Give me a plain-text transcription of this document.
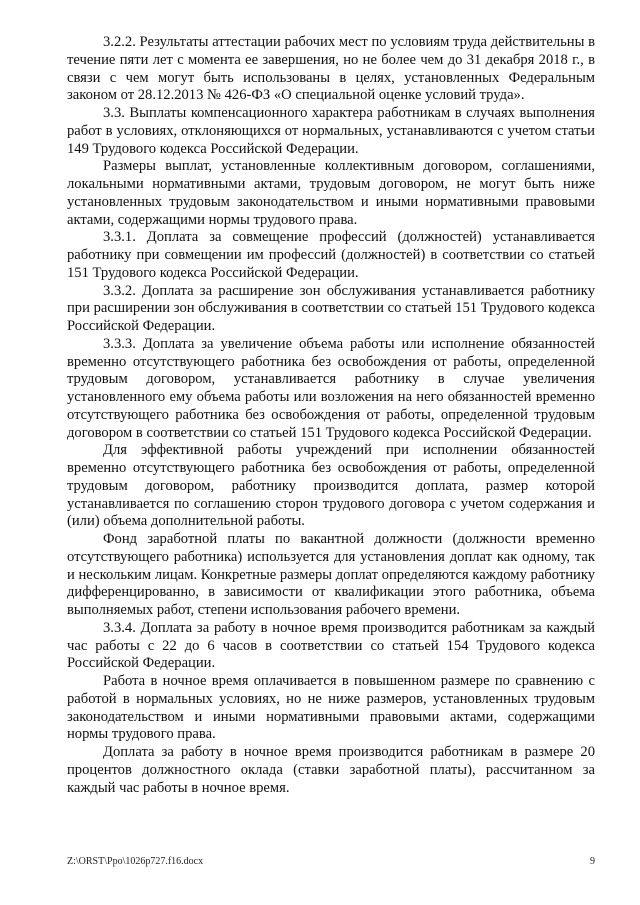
3.2.2. Результаты аттестации рабочих мест по условиям труда действительны в течение пяти лет с момента ее завершения, но не более чем до 31 декабря 2018 г., в связи с чем могут быть использованы в целях, установленных Федеральным законом от 28.12.2013 № 426-ФЗ «О специальной оценке условий труда».

3.3. Выплаты компенсационного характера работникам в случаях выполнения работ в условиях, отклоняющихся от нормальных, устанавливаются с учетом статьи 149 Трудового кодекса Российской Федерации.

Размеры выплат, установленные коллективным договором, соглашениями, локальными нормативными актами, трудовым договором, не могут быть ниже установленных трудовым законодательством и иными нормативными правовыми актами, содержащими нормы трудового права.

3.3.1. Доплата за совмещение профессий (должностей) устанавливается работнику при совмещении им профессий (должностей) в соответствии со статьей 151 Трудового кодекса Российской Федерации.

3.3.2. Доплата за расширение зон обслуживания устанавливается работнику при расширении зон обслуживания в соответствии со статьей 151 Трудового кодекса Российской Федерации.

3.3.3. Доплата за увеличение объема работы или исполнение обязанностей временно отсутствующего работника без освобождения от работы, определенной трудовым договором, устанавливается работнику в случае увеличения установленного ему объема работы или возложения на него обязанностей временно отсутствующего работника без освобождения от работы, определенной трудовым договором в соответствии со статьей 151 Трудового кодекса Российской Федерации.

Для эффективной работы учреждений при исполнении обязанностей временно отсутствующего работника без освобождения от работы, определенной трудовым договором, работнику производится доплата, размер которой устанавливается по соглашению сторон трудового договора с учетом содержания и (или) объема дополнительной работы.

Фонд заработной платы по вакантной должности (должности временно отсутствующего работника) используется для установления доплат как одному, так и нескольким лицам. Конкретные размеры доплат определяются каждому работнику дифференцированно, в зависимости от квалификации этого работника, объема выполняемых работ, степени использования рабочего времени.

3.3.4. Доплата за работу в ночное время производится работникам за каждый час работы с 22 до 6 часов в соответствии со статьей 154 Трудового кодекса Российской Федерации.

Работа в ночное время оплачивается в повышенном размере по сравнению с работой в нормальных условиях, но не ниже размеров, установленных трудовым законодательством и иными нормативными правовыми актами, содержащими нормы трудового права.

Доплата за работу в ночное время производится работникам в размере 20 процентов должностного оклада (ставки заработной платы), рассчитанном за каждый час работы в ночное время.

Z:\ORST\Ppo\1026p727.f16.docx	9
